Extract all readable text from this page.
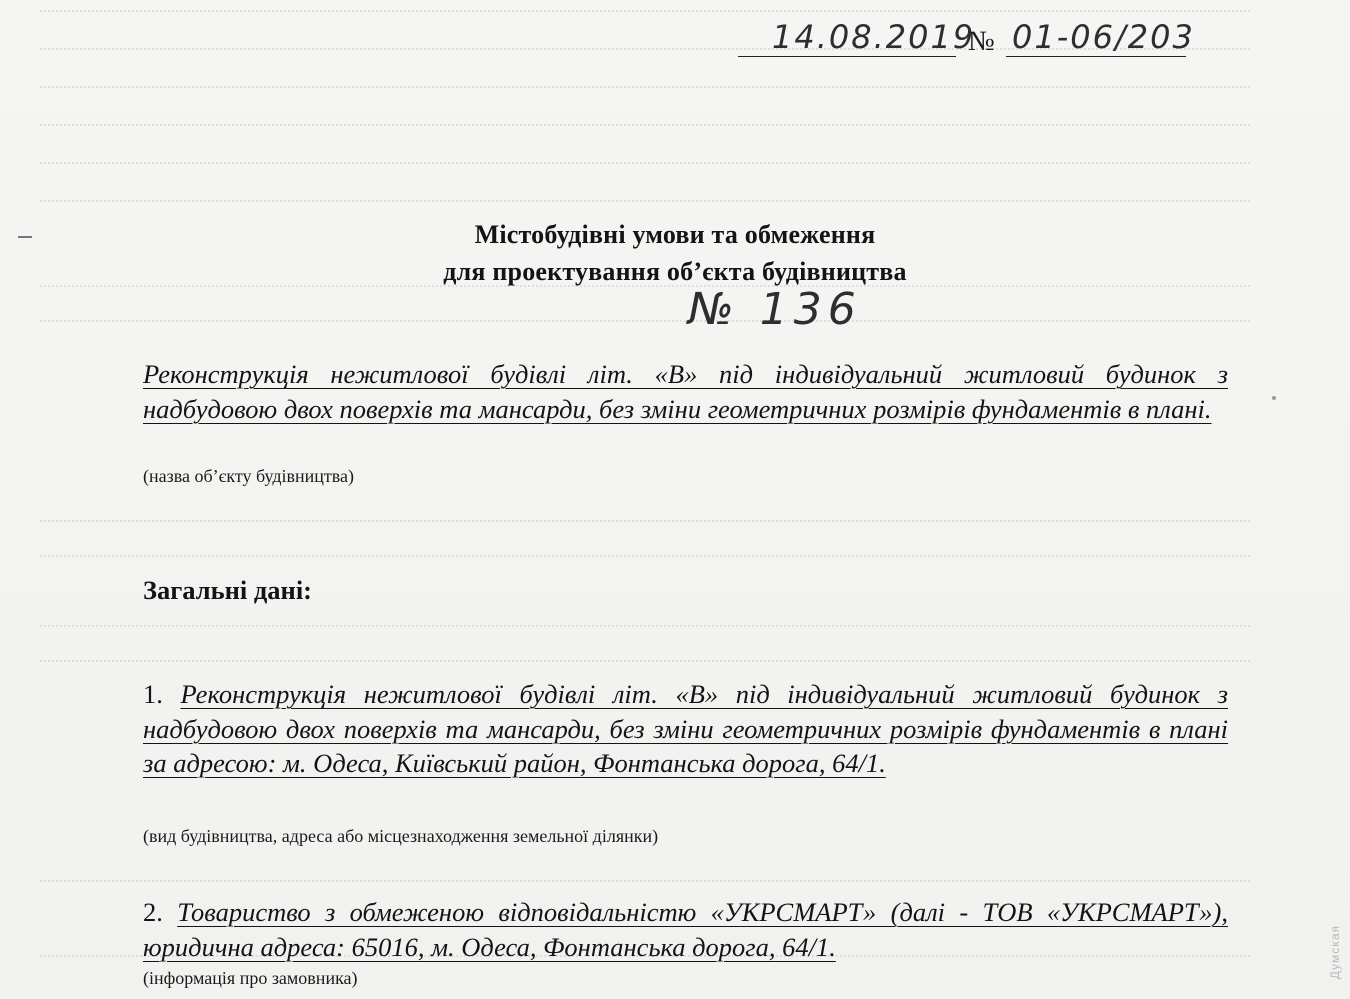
14.08.2019
№ 01-06/203
Містобудівні умови та обмеження
для проектування об’єкта будівництва
№ 136
Реконструкція нежитлової будівлі літ. «В» під індивідуальний житловий будинок з надбудовою двох поверхів та мансарди, без зміни геометричних розмірів фундаментів в плані.
(назва об’єкту будівництва)
Загальні дані:
1. Реконструкція нежитлової будівлі літ. «В» під індивідуальний житловий будинок з надбудовою двох поверхів та мансарди, без зміни геометричних розмірів фундаментів в плані за адресою: м. Одеса, Київський район, Фонтанська дорога, 64/1.
(вид будівництва, адреса або місцезнаходження земельної ділянки)
2. Товариство з обмеженою відповідальністю «УКРСМАРТ» (далі - ТОВ «УКРСМАРТ»), юридична адреса: 65016, м. Одеса, Фонтанська дорога, 64/1.
(інформація про замовника)	Думская
